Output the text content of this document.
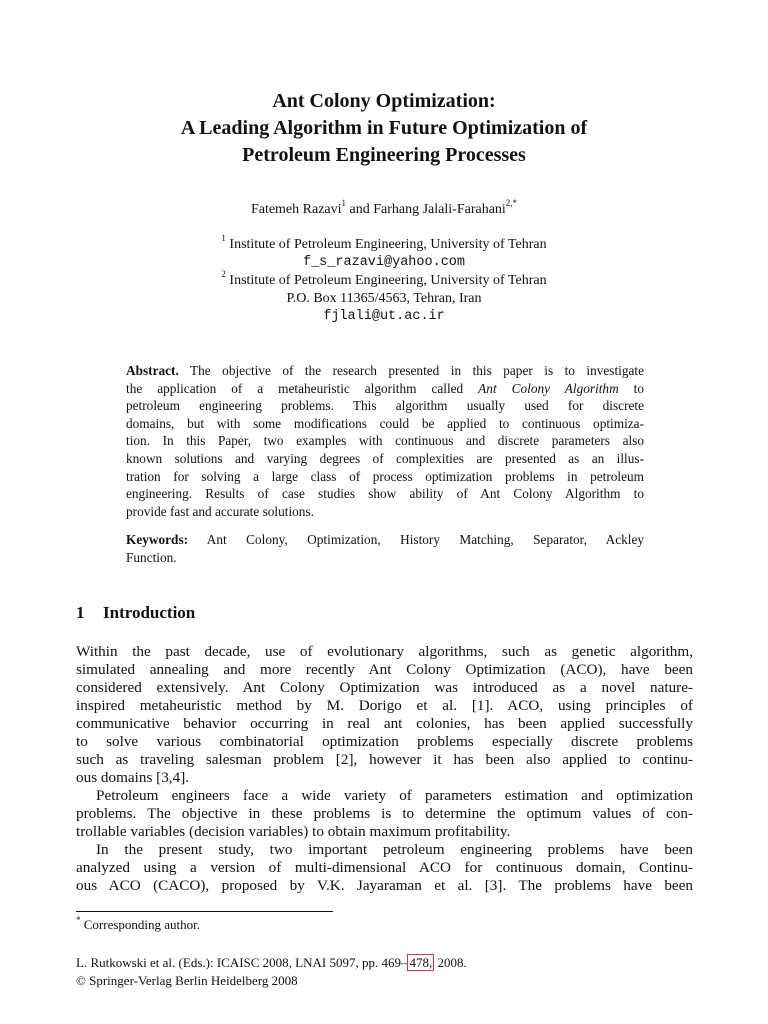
Ant Colony Optimization:
A Leading Algorithm in Future Optimization of
Petroleum Engineering Processes
Fatemeh Razavi$^1$ and Farhang Jalali-Farahani$^{2,*}$
$^1$ Institute of Petroleum Engineering, University of Tehran
f_s_razavi@yahoo.com
$^2$ Institute of Petroleum Engineering, University of Tehran
P.O. Box 11365/4563, Tehran, Iran
fjlali@ut.ac.ir
Abstract. The objective of the research presented in this paper is to investigate
the application of a metaheuristic algorithm called Ant Colony Algorithm to
petroleum engineering problems. This algorithm usually used for discrete
domains, but with some modifications could be applied to continuous optimiza-
tion. In this Paper, two examples with continuous and discrete parameters also
known solutions and varying degrees of complexities are presented as an illus-
tration for solving a large class of process optimization problems in petroleum
engineering. Results of case studies show ability of Ant Colony Algorithm to
provide fast and accurate solutions.
Keywords: Ant Colony, Optimization, History Matching, Separator, Ackley
Function.
1 Introduction
Within the past decade, use of evolutionary algorithms, such as genetic algorithm,
simulated annealing and more recently Ant Colony Optimization (ACO), have been
considered extensively. Ant Colony Optimization was introduced as a novel nature-
inspired metaheuristic method by M. Dorigo et al. [1]. ACO, using principles of
communicative behavior occurring in real ant colonies, has been applied successfully
to solve various combinatorial optimization problems especially discrete problems
such as traveling salesman problem [2], however it has been also applied to continu-
ous domains [3,4].
Petroleum engineers face a wide variety of parameters estimation and optimization
problems. The objective in these problems is to determine the optimum values of con-
trollable variables (decision variables) to obtain maximum profitability.
In the present study, two important petroleum engineering problems have been
analyzed using a version of multi-dimensional ACO for continuous domain, Continu-
ous ACO (CACO), proposed by V.K. Jayaraman et al. [3]. The problems have been
* Corresponding author.
L. Rutkowski et al. (Eds.): ICAISC 2008, LNAI 5097, pp. 469– 478, 2008.
© Springer-Verlag Berlin Heidelberg 2008
